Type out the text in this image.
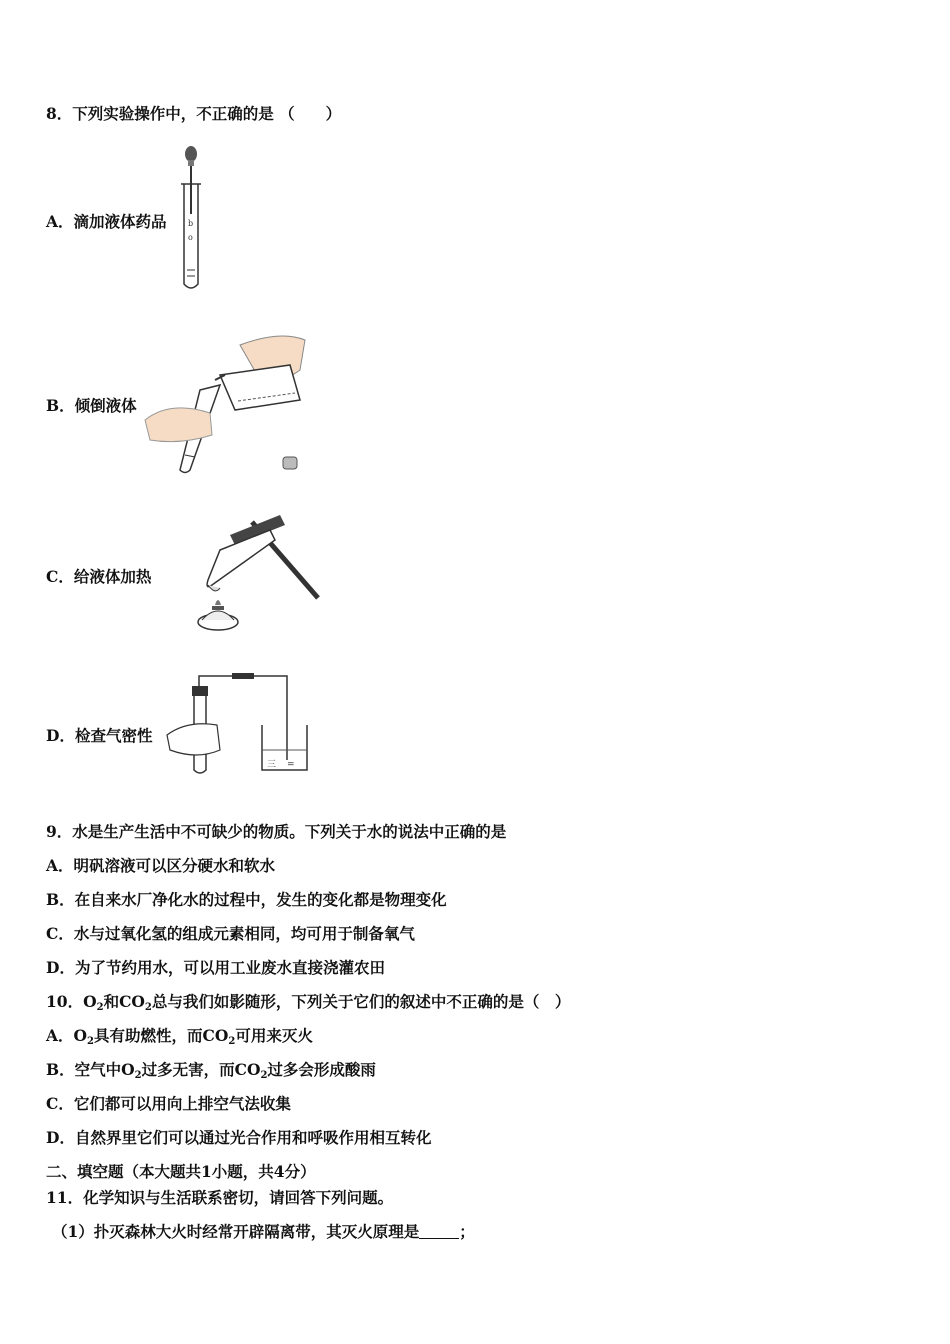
8．下列实验操作中，不正确的是 （　　）
A．滴加液体药品	b
o
B．倾倒液体
C．给液体加热
D．检查气密性
三 =
9．水是生产生活中不可缺少的物质。下列关于水的说法中正确的是
A．明矾溶液可以区分硬水和软水
B．在自来水厂净化水的过程中，发生的变化都是物理变化
C．水与过氧化氢的组成元素相同，均可用于制备氧气
D．为了节约用水，可以用工业废水直接浇灌农田
10．$O_2$和$CO_2$总与我们如影随形，下列关于它们的叙述中不正确的是（　）
A．$O_2$具有助燃性，而$CO_2$可用来灭火
B．空气中$O_2$过多无害，而$CO_2$过多会形成酸雨
C．它们都可以用向上排空气法收集
D．自然界里它们可以通过光合作用和呼吸作用相互转化
二、填空题（本大题共1小题，共4分）
11．化学知识与生活联系密切，请回答下列问题。
（1）扑灭森林大火时经常开辟隔离带，其灭火原理是	；
